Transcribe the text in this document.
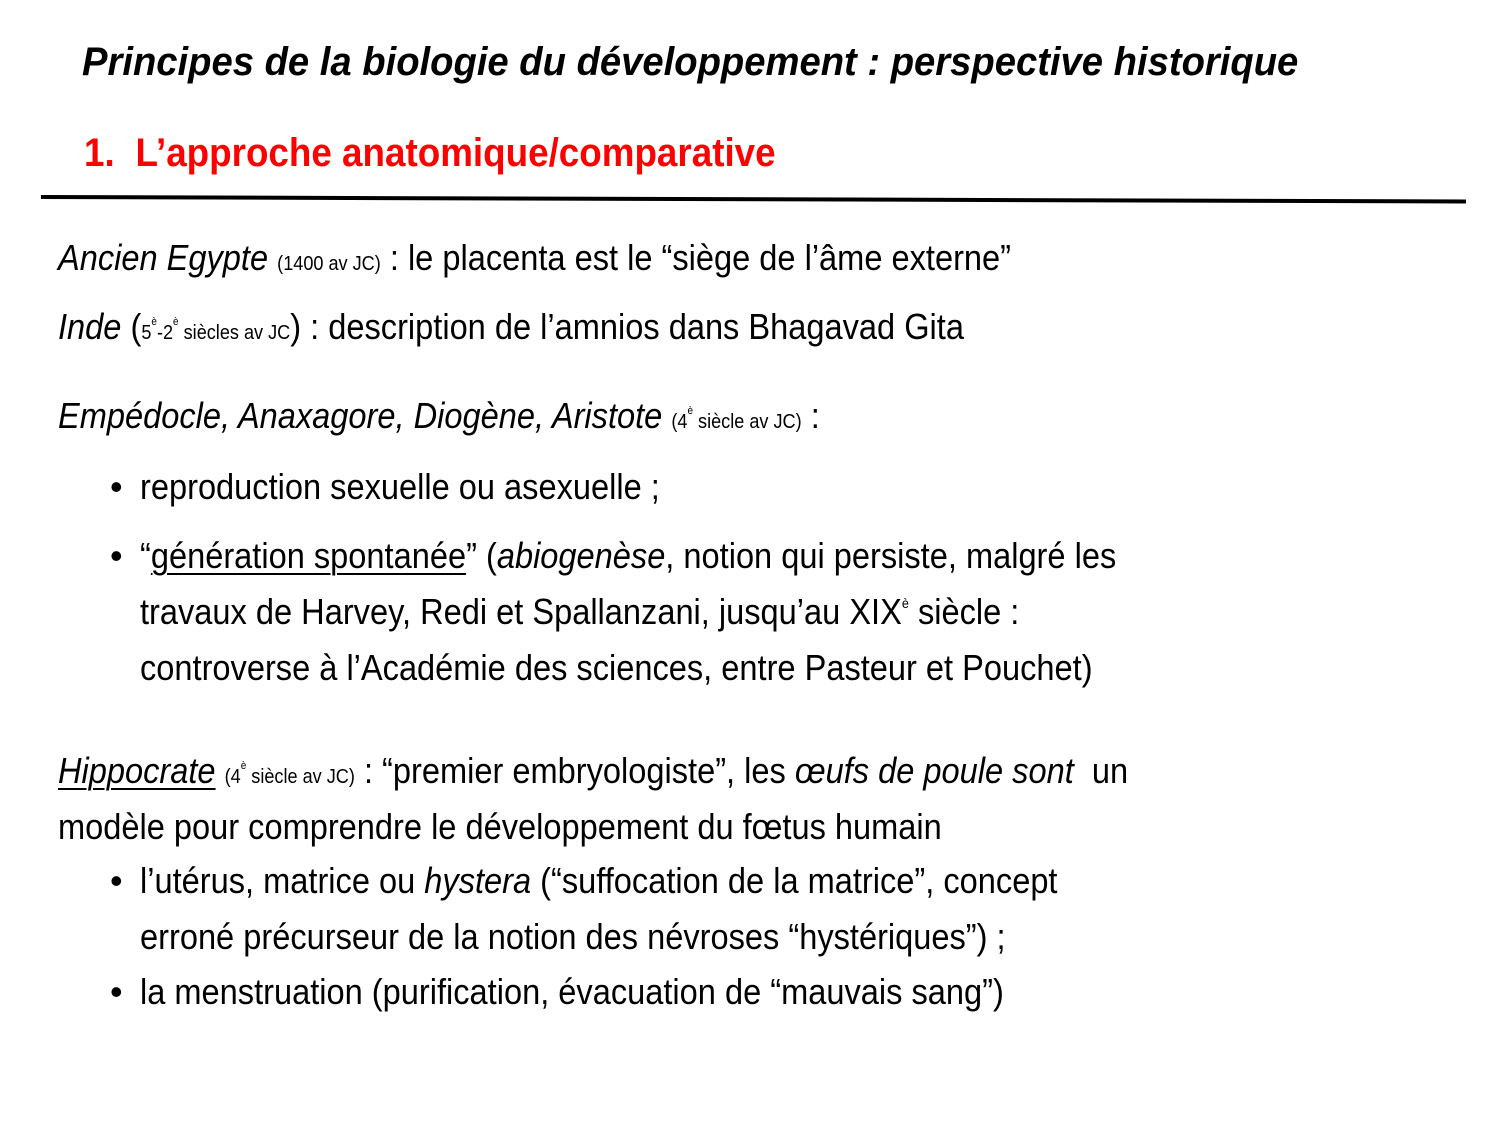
Principes de la biologie du développement : perspective historique
1. L’approche anatomique/comparative
Ancien Egypte (1400 av JC) : le placenta est le “siège de l’âme externe”
Inde ($5^è-2^è$ siècles av JC) : description de l’amnios dans Bhagavad Gita
Empédocle, Anaxagore, Diogène, Aristote ($4^è$ siècle av JC) :
• reproduction sexuelle ou asexuelle ;
• “génération spontanée” (abiogenèse, notion qui persiste, malgré les
travaux de Harvey, Redi et Spallanzani, jusqu’au $XIX^è$ siècle :
controverse à l’Académie des sciences, entre Pasteur et Pouchet)
Hippocrate ($4^è$ siècle av JC) : “premier embryologiste”, les œufs de poule sont  un
modèle pour comprendre le développement du fœtus humain
• l’utérus, matrice ou hystera (“suffocation de la matrice”, concept
erroné précurseur de la notion des névroses “hystériques”) ;
• la menstruation (purification, évacuation de “mauvais sang”)
